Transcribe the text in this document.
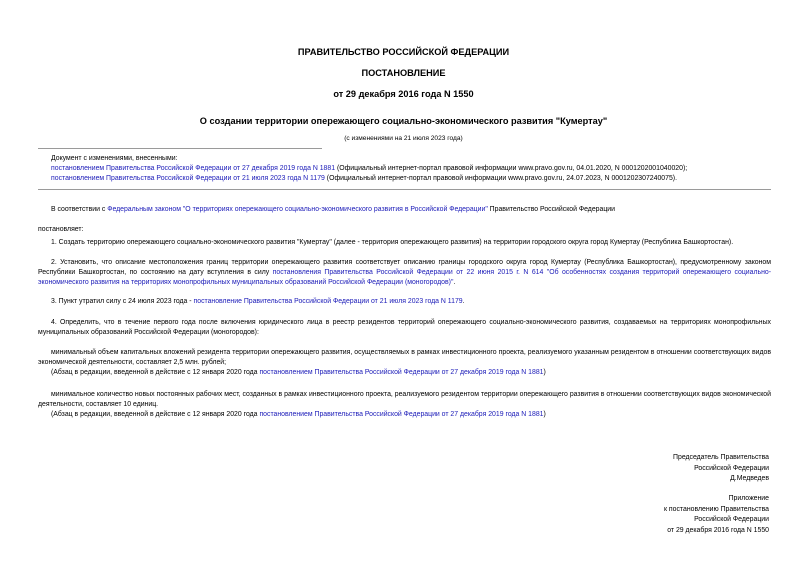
ПРАВИТЕЛЬСТВО РОССИЙСКОЙ ФЕДЕРАЦИИ
ПОСТАНОВЛЕНИЕ
от 29 декабря 2016 года N 1550
О создании территории опережающего социально-экономического развития "Кумертау"
(с изменениями на 21 июля 2023 года)
Документ с изменениями, внесенными:
постановлением Правительства Российской Федерации от 27 декабря 2019 года N 1881 (Официальный интернет-портал правовой информации www.pravo.gov.ru, 04.01.2020, N 0001202001040020);
постановлением Правительства Российской Федерации от 21 июля 2023 года N 1179 (Официальный интернет-портал правовой информации www.pravo.gov.ru, 24.07.2023, N 0001202307240075).
В соответствии с Федеральным законом "О территориях опережающего социально-экономического развития в Российской Федерации" Правительство Российской Федерации
постановляет:
1. Создать территорию опережающего социально-экономического развития "Кумертау" (далее - территория опережающего развития) на территории городского округа город Кумертау (Республика Башкортостан).
2. Установить, что описание местоположения границ территории опережающего развития соответствует описанию границы городского округа город Кумертау (Республика Башкортостан), предусмотренному законом Республики Башкортостан, по состоянию на дату вступления в силу постановления Правительства Российской Федерации от 22 июня 2015 г. N 614 "Об особенностях создания территорий опережающего социально-экономического развития на территориях монопрофильных муниципальных образований Российской Федерации (моногородов)".
3. Пункт утратил силу с 24 июля 2023 года - постановление Правительства Российской Федерации от 21 июля 2023 года N 1179.
4. Определить, что в течение первого года после включения юридического лица в реестр резидентов территорий опережающего социально-экономического развития, создаваемых на территориях монопрофильных муниципальных образований Российской Федерации (моногородов):
минимальный объем капитальных вложений резидента территории опережающего развития, осуществляемых в рамках инвестиционного проекта, реализуемого указанным резидентом в отношении соответствующих видов экономической деятельности, составляет 2,5 млн. рублей;
(Абзац в редакции, введенной в действие с 12 января 2020 года постановлением Правительства Российской Федерации от 27 декабря 2019 года N 1881)
минимальное количество новых постоянных рабочих мест, созданных в рамках инвестиционного проекта, реализуемого резидентом территории опережающего развития в отношении соответствующих видов экономической деятельности, составляет 10 единиц.
(Абзац в редакции, введенной в действие с 12 января 2020 года постановлением Правительства Российской Федерации от 27 декабря 2019 года N 1881)
Председатель Правительства
Российской Федерации
Д.Медведев
Приложение
к постановлению Правительства
Российской Федерации
от 29 декабря 2016 года N 1550
